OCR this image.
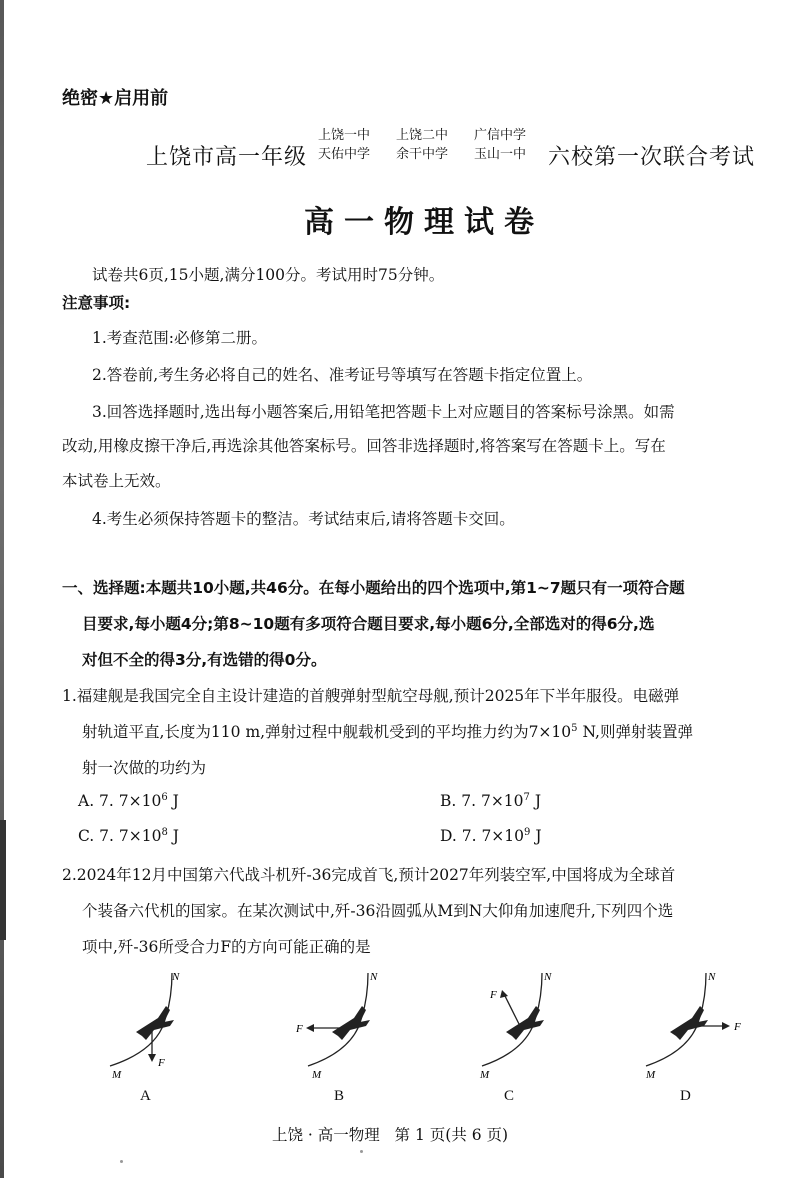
绝密★启用前
上饶市高一年级
上饶一中 上饶二中 广信中学
天佑中学 余干中学 玉山一中 六校第一次联合考试
高一物理试卷
试卷共6页,15小题,满分100分。考试用时75分钟。
注意事项:
1.考查范围:必修第二册。
2.答卷前,考生务必将自己的姓名、准考证号等填写在答题卡指定位置上。
3.回答选择题时,选出每小题答案后,用铅笔把答题卡上对应题目的答案标号涂黑。如需
改动,用橡皮擦干净后,再选涂其他答案标号。回答非选择题时,将答案写在答题卡上。写在
本试卷上无效。
4.考生必须保持答题卡的整洁。考试结束后,请将答题卡交回。
一、选择题:本题共10小题,共46分。在每小题给出的四个选项中,第1~7题只有一项符合题
目要求,每小题4分;第8~10题有多项符合题目要求,每小题6分,全部选对的得6分,选
对但不全的得3分,有选错的得0分。
1.福建舰是我国完全自主设计建造的首艘弹射型航空母舰,预计2025年下半年服役。电磁弹
射轨道平直,长度为110 m,弹射过程中舰载机受到的平均推力约为$7\times 10^5$ N,则弹射装置弹
射一次做的功约为
A. 7. $7\times 10^6$ J	B. 7. $7\times 10^7$ J
C. 7. $7\times 10^8$ J	D. 7. $7\times 10^9$ J
2.2024年12月中国第六代战斗机歼-36完成首飞,预计2027年列装空军,中国将成为全球首
个装备六代机的国家。在某次测试中,歼-36沿圆弧从M到N大仰角加速爬升,下列四个选
项中,歼-36所受合力F的方向可能正确的是
M
N
F
A
M
N
F
B
M
N
F
C
M
N
F
D
上饶 · 高一物理   第 1 页(共 6 页)
